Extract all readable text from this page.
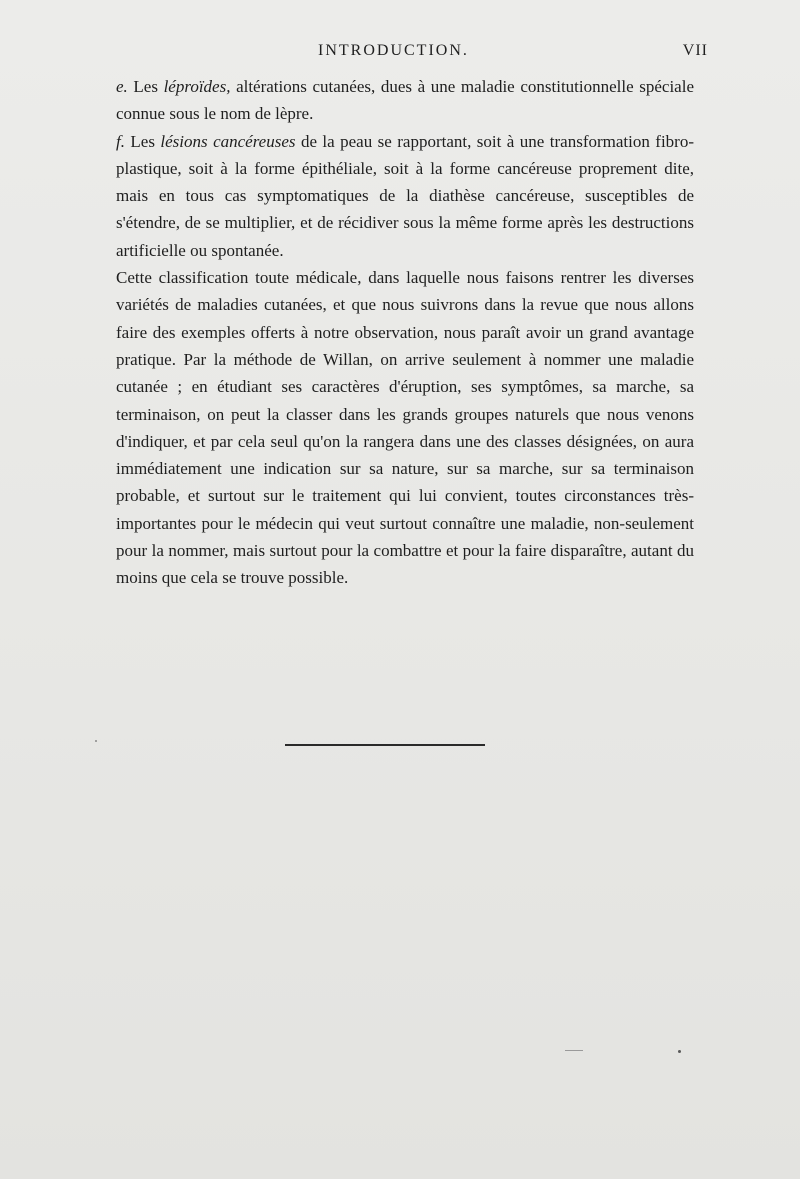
INTRODUCTION.	VII

e. Les léproïdes, altérations cutanées, dues à une maladie constitutionnelle spéciale connue sous le nom de lèpre.

f. Les lésions cancéreuses de la peau se rapportant, soit à une transformation fibro-plastique, soit à la forme épithéliale, soit à la forme cancéreuse proprement dite, mais en tous cas symptomatiques de la diathèse cancéreuse, susceptibles de s'étendre, de se multiplier, et de récidiver sous la même forme après les destructions artificielle ou spontanée.

Cette classification toute médicale, dans laquelle nous faisons rentrer les diverses variétés de maladies cutanées, et que nous suivrons dans la revue que nous allons faire des exemples offerts à notre observation, nous paraît avoir un grand avantage pratique. Par la méthode de Willan, on arrive seulement à nommer une maladie cutanée ; en étudiant ses caractères d'éruption, ses symptômes, sa marche, sa terminaison, on peut la classer dans les grands groupes naturels que nous venons d'indiquer, et par cela seul qu'on la rangera dans une des classes désignées, on aura immédiatement une indication sur sa nature, sur sa marche, sur sa terminaison probable, et surtout sur le traitement qui lui convient, toutes circonstances très-importantes pour le médecin qui veut surtout connaître une maladie, non-seulement pour la nommer, mais surtout pour la combattre et pour la faire disparaître, autant du moins que cela se trouve possible.
